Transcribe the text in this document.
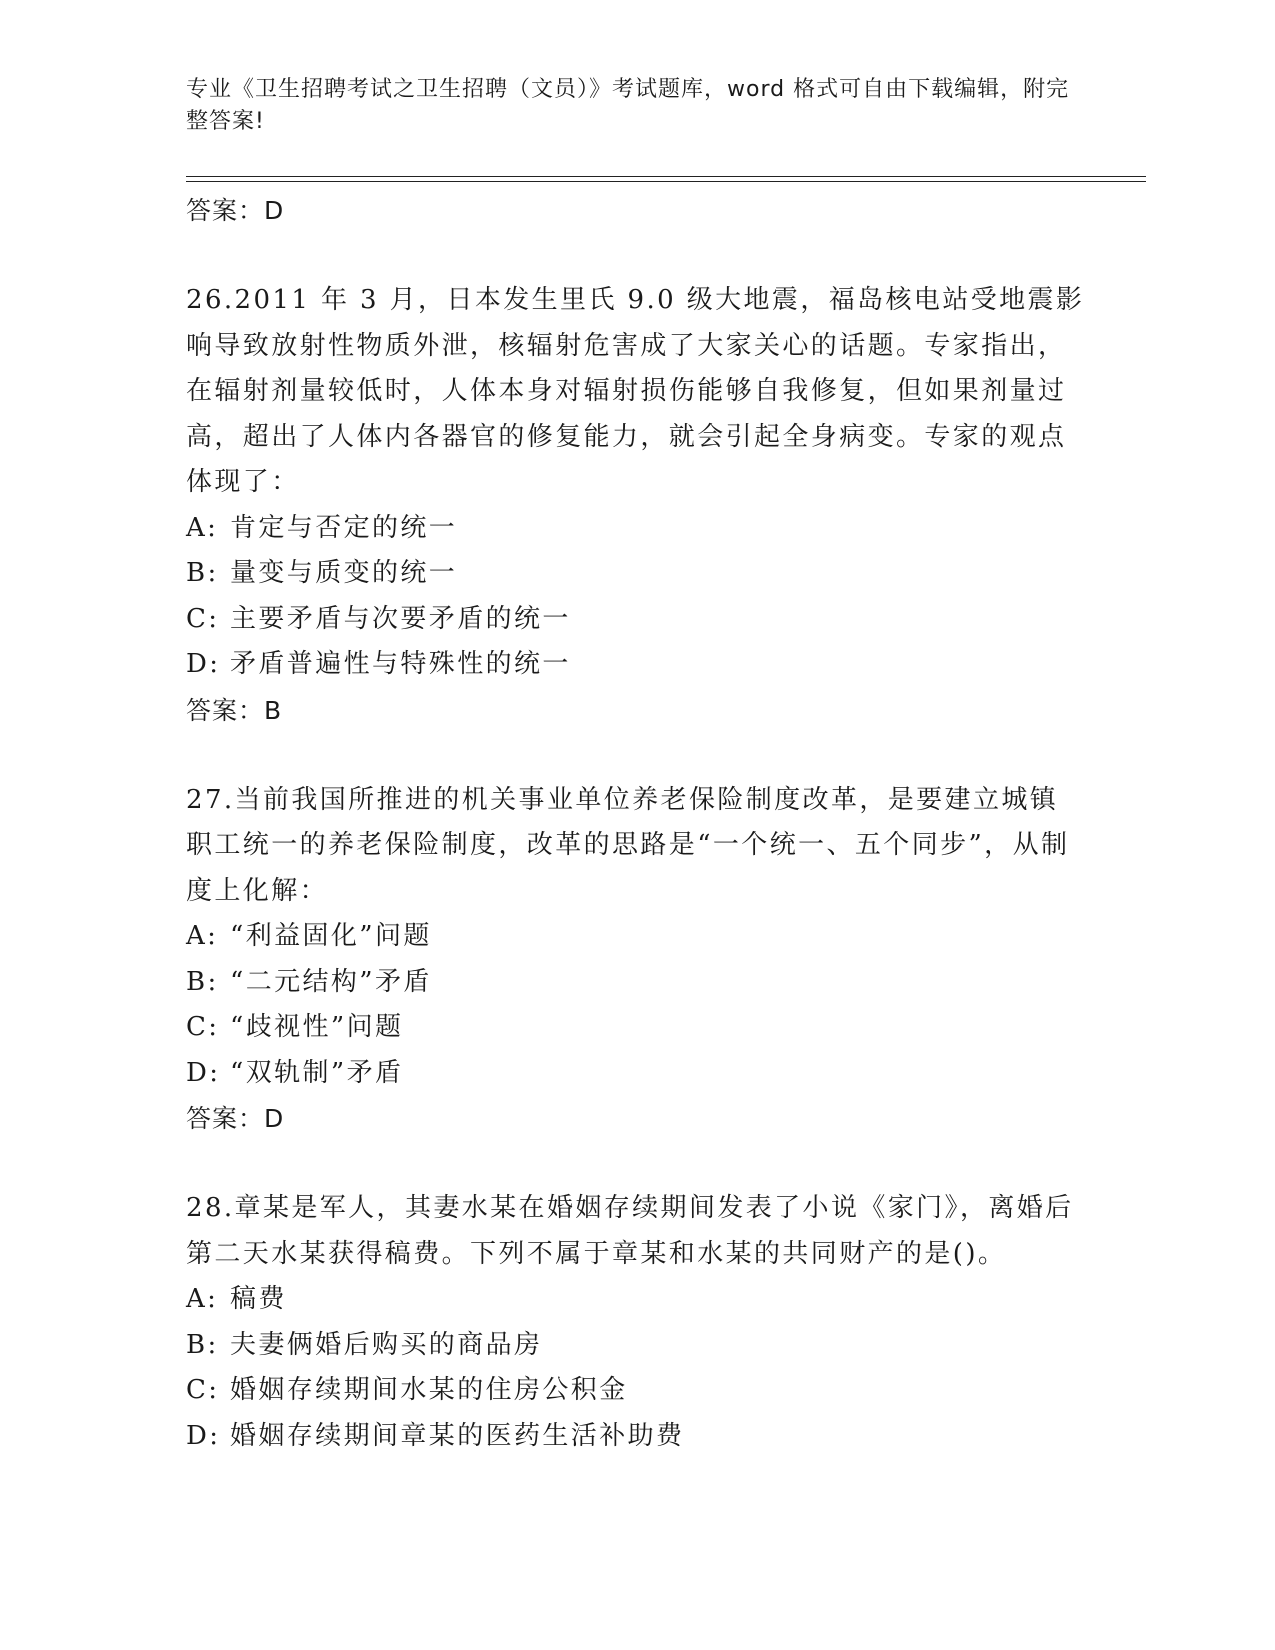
专业《卫生招聘考试之卫生招聘（文员）》考试题库，word 格式可自由下载编辑，附完整答案!
答案：D
26.2011 年 3 月，日本发生里氏 9.0 级大地震，福岛核电站受地震影响导致放射性物质外泄，核辐射危害成了大家关心的话题。专家指出，在辐射剂量较低时，人体本身对辐射损伤能够自我修复，但如果剂量过高，超出了人体内各器官的修复能力，就会引起全身病变。专家的观点体现了：
A: 肯定与否定的统一
B: 量变与质变的统一
C: 主要矛盾与次要矛盾的统一
D: 矛盾普遍性与特殊性的统一
答案：B
27.当前我国所推进的机关事业单位养老保险制度改革，是要建立城镇职工统一的养老保险制度，改革的思路是“一个统一、五个同步”，从制度上化解：
A: “利益固化”问题
B: “二元结构”矛盾
C: “歧视性”问题
D: “双轨制”矛盾
答案：D
28.章某是军人，其妻水某在婚姻存续期间发表了小说《家门》，离婚后第二天水某获得稿费。下列不属于章某和水某的共同财产的是()。
A: 稿费
B: 夫妻俩婚后购买的商品房
C: 婚姻存续期间水某的住房公积金
D: 婚姻存续期间章某的医药生活补助费
